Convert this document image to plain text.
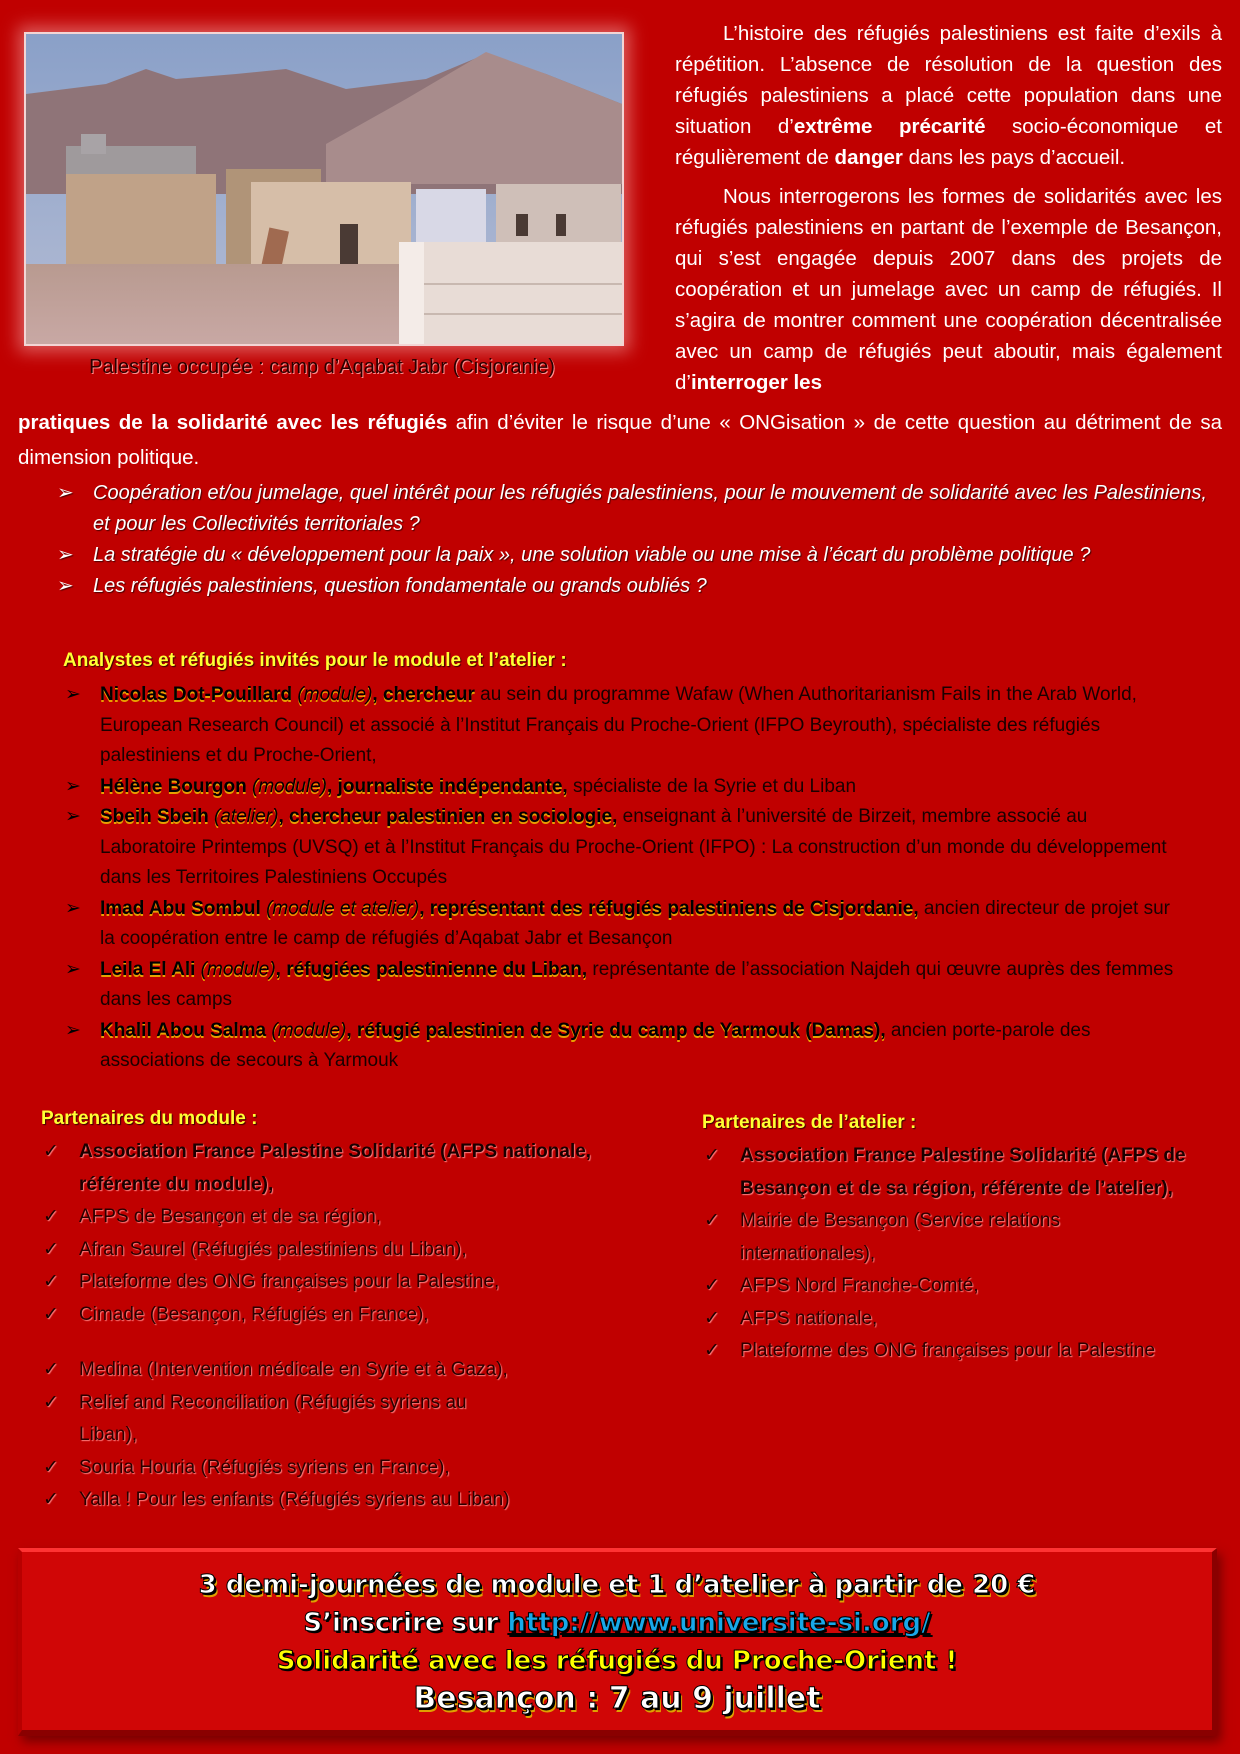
Palestine occupée : camp d’Aqabat Jabr (Cisjoranie)

L’histoire des réfugiés palestiniens est faite d’exils à répétition. L’absence de résolution de la question des réfugiés palestiniens a placé cette population dans une situation d’extrême précarité socio-économique et régulièrement de danger dans les pays d’accueil.

Nous interrogerons les formes de solidarités avec les réfugiés palestiniens en partant de l’exemple de Besançon, qui s’est engagée depuis 2007 dans des projets de coopération et un jumelage avec un camp de réfugiés. Il s’agira de montrer comment une coopération décentralisée avec un camp de réfugiés peut aboutir, mais également d’interroger les

pratiques de la solidarité avec les réfugiés afin d’éviter le risque d’une « ONGisation » de cette question au détriment de sa dimension politique.
➢ Coopération et/ou jumelage, quel intérêt pour les réfugiés palestiniens, pour le mouvement de solidarité avec les Palestiniens, et pour les Collectivités territoriales ?
➢ La stratégie du « développement pour la paix », une solution viable ou une mise à l’écart du problème politique ?
➢ Les réfugiés palestiniens, question fondamentale ou grands oubliés ?
Analystes et réfugiés invités pour le module et l’atelier :
➢ Nicolas Dot-Pouillard (module), chercheur au sein du programme Wafaw (When Authoritarianism Fails in the Arab World, European Research Council) et associé à l’Institut Français du Proche-Orient (IFPO Beyrouth), spécialiste des réfugiés palestiniens et du Proche-Orient,
➢ Hélène Bourgon (module), journaliste indépendante, spécialiste de la Syrie et du Liban
➢ Sbeih Sbeih (atelier), chercheur palestinien en sociologie, enseignant à l’université de Birzeit, membre associé au Laboratoire Printemps (UVSQ) et à l’Institut Français du Proche-Orient (IFPO) : La construction d’un monde du développement dans les Territoires Palestiniens Occupés
➢ Imad Abu Sombul (module et atelier), représentant des réfugiés palestiniens de Cisjordanie, ancien directeur de projet sur la coopération entre le camp de réfugiés d’Aqabat Jabr et Besançon
➢ Leila El Ali (module), réfugiées palestinienne du Liban, représentante de l’association Najdeh qui œuvre auprès des femmes dans les camps
➢ Khalil Abou Salma (module), réfugié palestinien de Syrie du camp de Yarmouk (Damas), ancien porte-parole des associations de secours à Yarmouk
Partenaires du module :
✓ Association France Palestine Solidarité (AFPS nationale, référente du module),
✓ AFPS de Besançon et de sa région,
✓ Afran Saurel (Réfugiés palestiniens du Liban),
✓ Plateforme des ONG françaises pour la Palestine,
✓ Cimade (Besançon, Réfugiés en France),
✓ Medina (Intervention médicale en Syrie et à Gaza),
✓ Relief and Reconciliation (Réfugiés syriens au Liban),
✓ Souria Houria (Réfugiés syriens en France),
✓ Yalla ! Pour les enfants (Réfugiés syriens au Liban)
Partenaires de l’atelier :
✓ Association France Palestine Solidarité (AFPS de Besançon et de sa région, référente de l’atelier),
✓ Mairie de Besançon (Service relations internationales),
✓ AFPS Nord Franche-Comté,
✓ AFPS nationale,
✓ Plateforme des ONG françaises pour la Palestine
3 demi-journées de module et 1 d’atelier à partir de 20 €
S’inscrire sur http://www.universite-si.org/
Solidarité avec les réfugiés du Proche-Orient !
Besançon : 7 au 9 juillet
